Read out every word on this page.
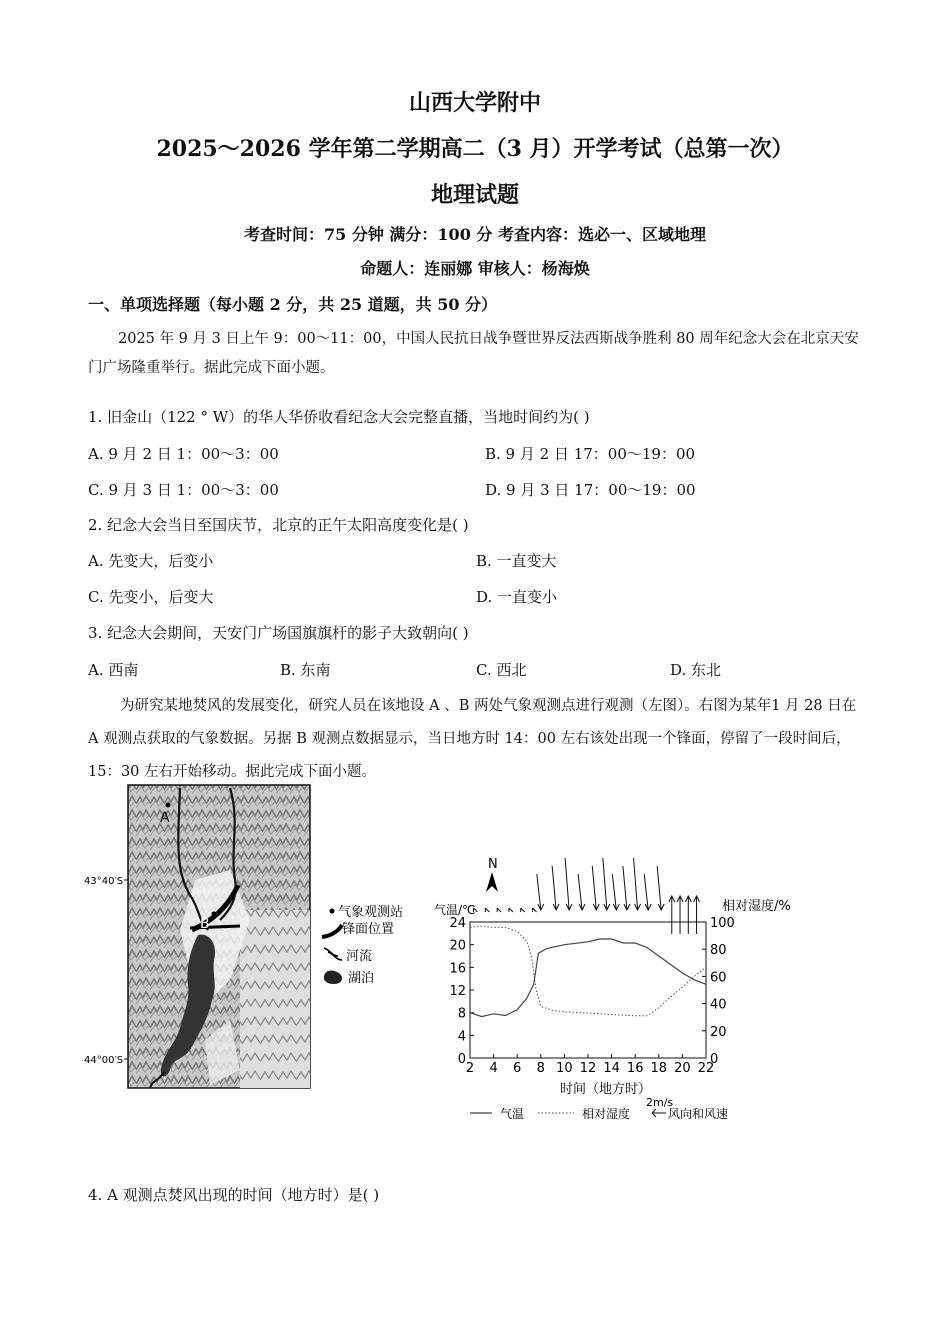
山西大学附中
2025～2026 学年第二学期高二（3 月）开学考试（总第一次）
地理试题
考查时间：75 分钟 满分：100 分 考查内容：选必一、区域地理
命题人：连丽娜 审核人：杨海焕
一、单项选择题（每小题 2 分，共 25 道题，共 50 分）
2025 年 9 月 3 日上午 9：00～11：00，中国人民抗日战争暨世界反法西斯战争胜利 80 周年纪念大会在北京天安门广场隆重举行。据此完成下面小题。
1. 旧金山（122 ° W）的华人华侨收看纪念大会完整直播，当地时间约为( )
A. 9 月 2 日 1：00～3：00	B. 9 月 2 日 17：00～19：00
C. 9 月 3 日 1：00～3：00	D. 9 月 3 日 17：00～19：00
2. 纪念大会当日至国庆节，北京的正午太阳高度变化是( )
A. 先变大，后变小	B. 一直变大
C. 先变小，后变大	D. 一直变小
3. 纪念大会期间，天安门广场国旗旗杆的影子大致朝向( )
A. 西南	B. 东南	C. 西北	D. 东北
为研究某地焚风的发展变化，研究人员在该地设 A 、B 两处气象观测点进行观测（左图）。右图为某年1 月 28 日在 A 观测点获取的气象数据。另据 B 观测点数据显示，当日地方时 14：00 左右该处出现一个锋面，停留了一段时间后，15：30 左右开始移动。据此完成下面小题。
A
B
43°40′S
44°00′S
气象观测站
锋面位置
河流
湖泊
2 4 6 8 10 12 14 16 18 20 22
0
4
8
12
16
20
24
0
20
40
60
80
100
N
气温/℃	相对湿度/%
时间（地方时）
2m/s
气温	相对湿度	风向和风速
4. A 观测点焚风出现的时间（地方时）是( )
